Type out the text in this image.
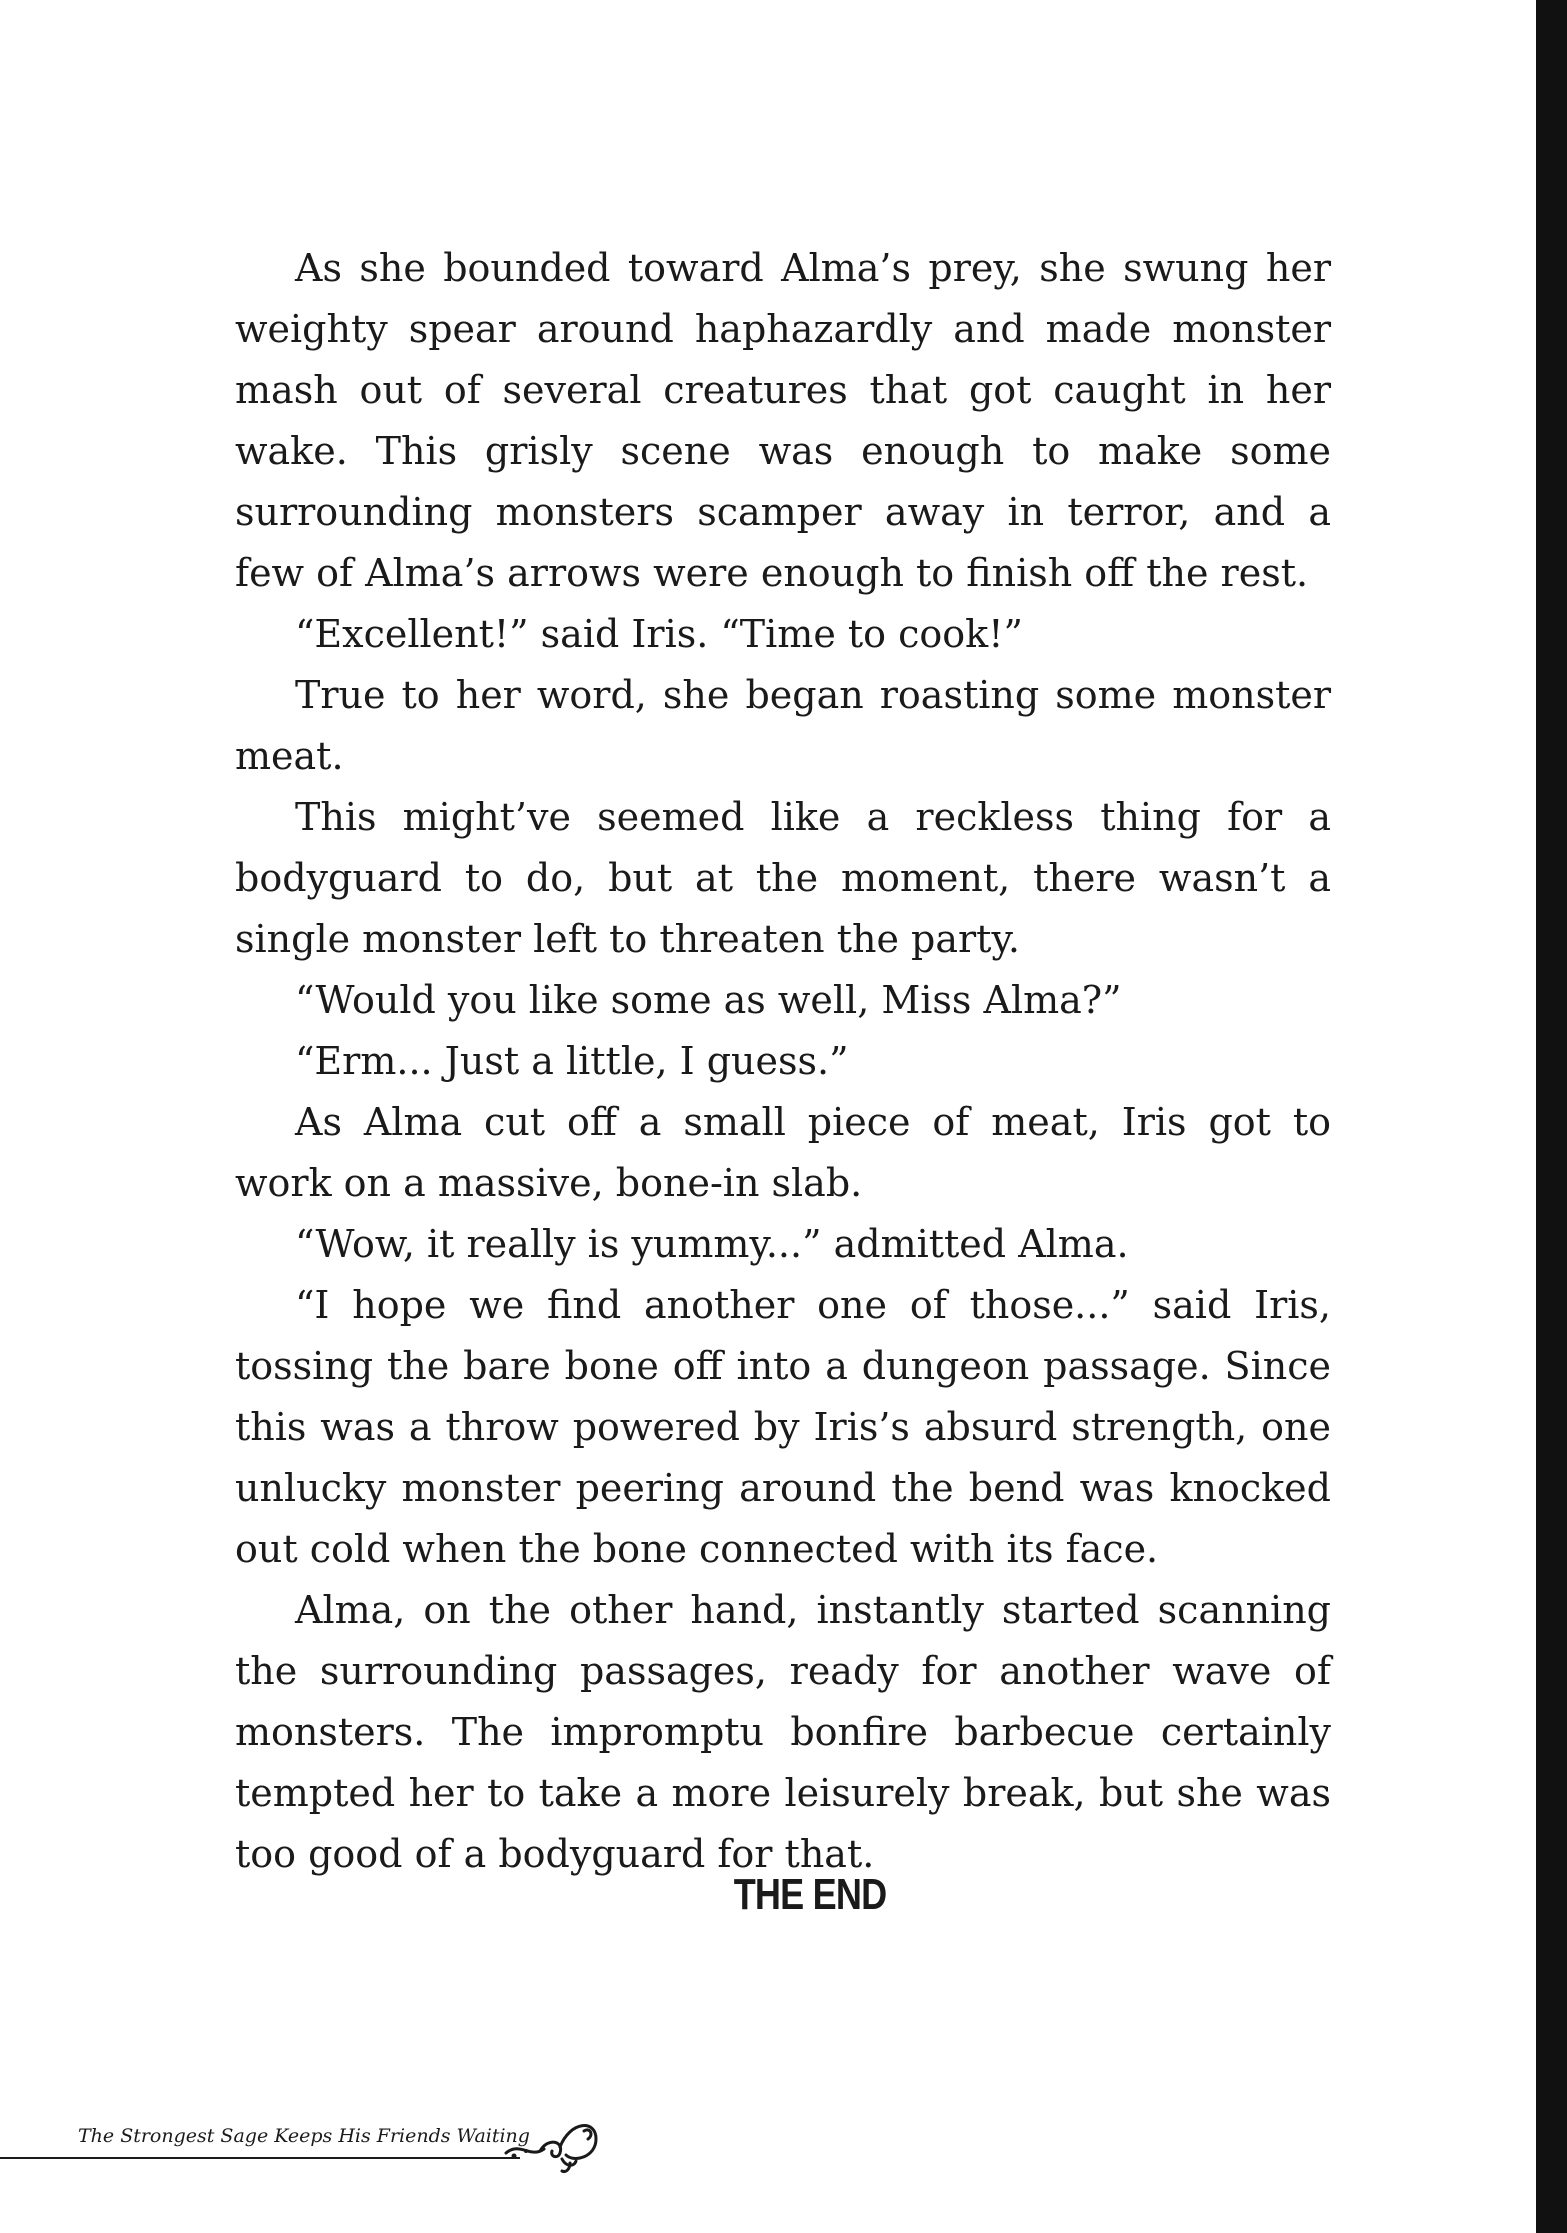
As she bounded toward Alma’s prey, she swung her weighty spear around haphazardly and made monster mash out of several creatures that got caught in her wake. This grisly scene was enough to make some surrounding monsters scamper away in terror, and a few of Alma’s arrows were enough to finish off the rest.

“Excellent!” said Iris. “Time to cook!”

True to her word, she began roasting some monster meat.

This might’ve seemed like a reckless thing for a bodyguard to do, but at the moment, there wasn’t a single monster left to threaten the party.

“Would you like some as well, Miss Alma?”

“Erm... Just a little, I guess.”

As Alma cut off a small piece of meat, Iris got to work on a massive, bone-in slab.

“Wow, it really is yummy...” admitted Alma.

“I hope we find another one of those...” said Iris, tossing the bare bone off into a dungeon passage. Since this was a throw powered by Iris’s absurd strength, one unlucky monster peering around the bend was knocked out cold when the bone connected with its face.

Alma, on the other hand, instantly started scanning the surrounding passages, ready for another wave of monsters. The impromptu bonfire barbecue certainly tempted her to take a more leisurely break, but she was too good of a bodyguard for that.

THE END
The Strongest Sage Keeps His Friends Waiting
